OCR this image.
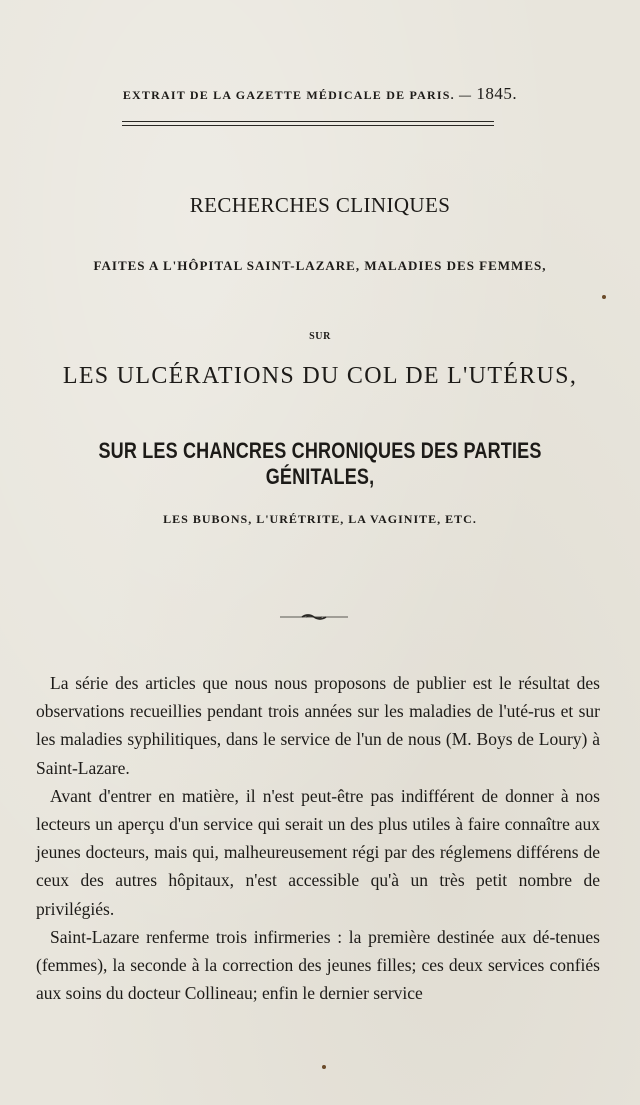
EXTRAIT DE LA GAZETTE MÉDICALE DE PARIS. — 1845.
RECHERCHES CLINIQUES
FAITES A L'HÔPITAL SAINT-LAZARE, MALADIES DES FEMMES,
SUR
LES ULCÉRATIONS DU COL DE L'UTÉRUS,
SUR LES CHANCRES CHRONIQUES DES PARTIES GÉNITALES,
LES BUBONS, L'URÉTRITE, LA VAGINITE, ETC.

La série des articles que nous nous proposons de publier est le résultat des observations recueillies pendant trois années sur les maladies de l'uté-rus et sur les maladies syphilitiques, dans le service de l'un de nous (M. Boys de Loury) à Saint-Lazare.

Avant d'entrer en matière, il n'est peut-être pas indifférent de donner à nos lecteurs un aperçu d'un service qui serait un des plus utiles à faire connaître aux jeunes docteurs, mais qui, malheureusement régi par des réglemens différens de ceux des autres hôpitaux, n'est accessible qu'à un très petit nombre de privilégiés.

Saint-Lazare renferme trois infirmeries : la première destinée aux dé-tenues (femmes), la seconde à la correction des jeunes filles; ces deux services confiés aux soins du docteur Collineau; enfin le dernier service
